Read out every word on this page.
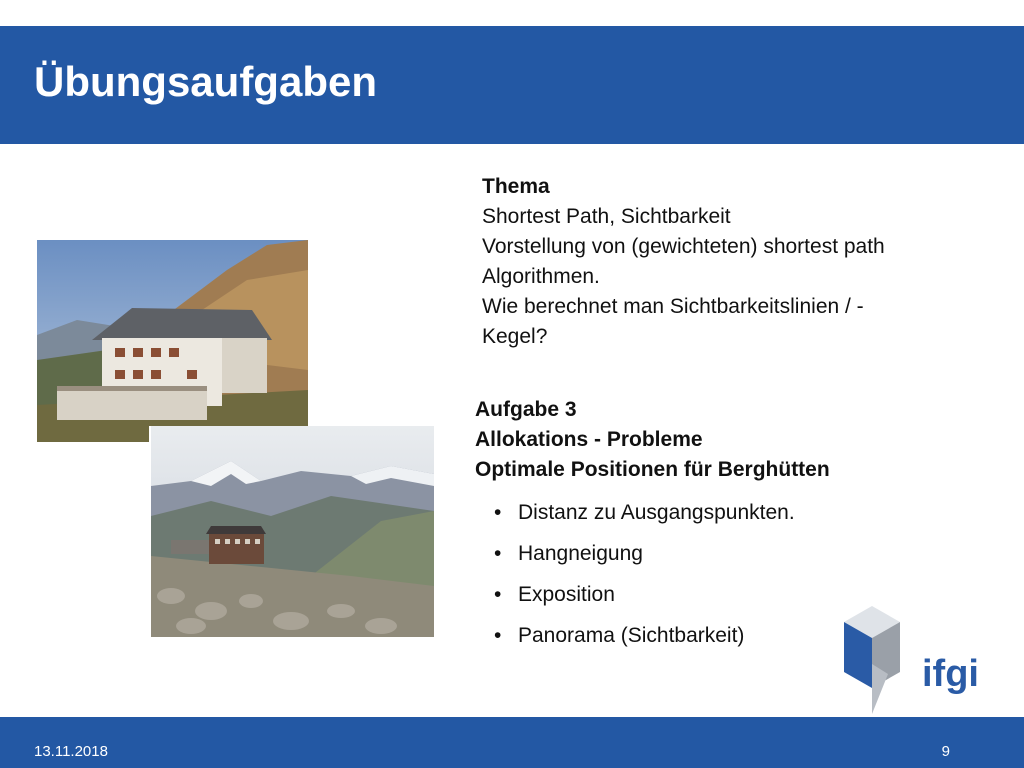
Übungsaufgaben
Thema
Shortest Path, Sichtbarkeit
Vorstellung von (gewichteten) shortest path
Algorithmen.
Wie berechnet man Sichtbarkeitslinien / -
Kegel?
Aufgabe 3
Allokations - Probleme
Optimale Positionen für Berghütten
• Distanz zu Ausgangspunkten.
• Hangneigung
• Exposition
• Panorama (Sichtbarkeit)
ifgi
13.11.2018	9
